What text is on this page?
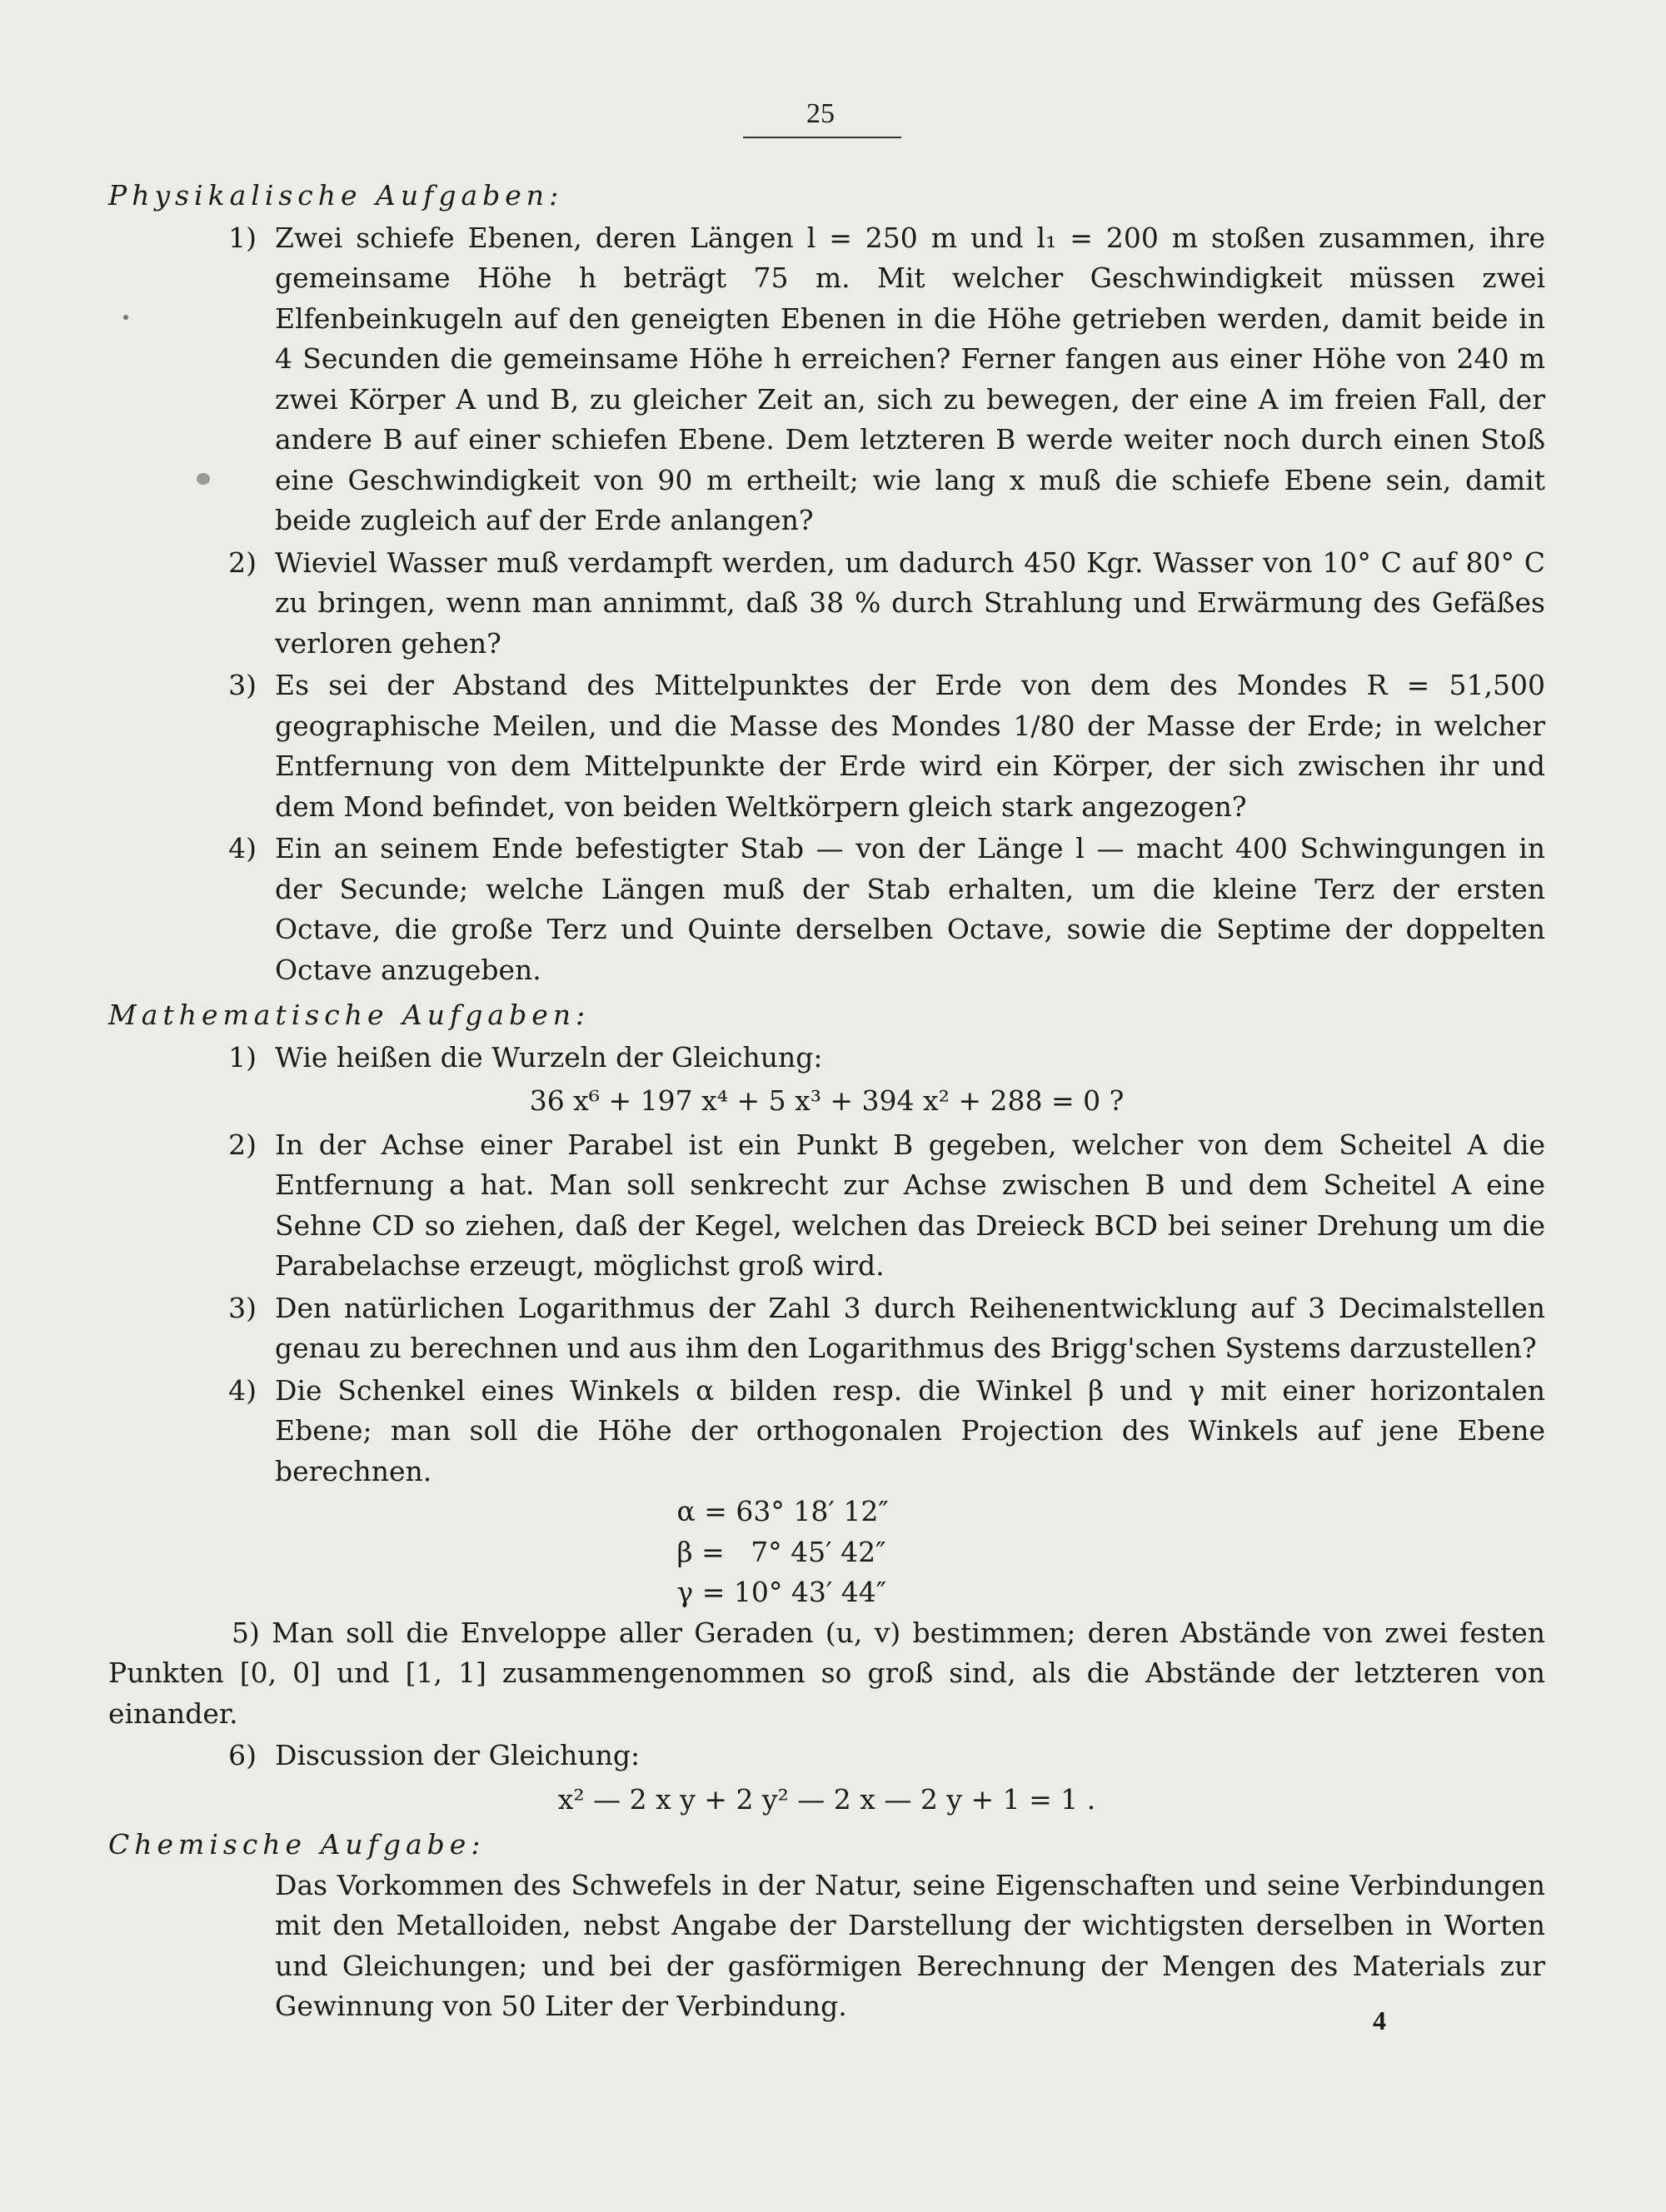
25
Physikalische Aufgaben:
1) Zwei schiefe Ebenen, deren Längen l = 250 m und l₁ = 200 m stoßen zusammen, ihre gemeinsame Höhe h beträgt 75 m. Mit welcher Geschwindigkeit müssen zwei Elfenbeinkugeln auf den geneigten Ebenen in die Höhe getrieben werden, damit beide in 4 Secunden die gemeinsame Höhe h erreichen? Ferner fangen aus einer Höhe von 240 m zwei Körper A und B, zu gleicher Zeit an, sich zu bewegen, der eine A im freien Fall, der andere B auf einer schiefen Ebene. Dem letzteren B werde weiter noch durch einen Stoß eine Geschwindigkeit von 90 m ertheilt; wie lang x muß die schiefe Ebene sein, damit beide zugleich auf der Erde anlangen?
2) Wieviel Wasser muß verdampft werden, um dadurch 450 Kgr. Wasser von 10° C auf 80° C zu bringen, wenn man annimmt, daß 38 % durch Strahlung und Erwärmung des Gefäßes verloren gehen?
3) Es sei der Abstand des Mittelpunktes der Erde von dem des Mondes R = 51,500 geographische Meilen, und die Masse des Mondes 1/80 der Masse der Erde; in welcher Entfernung von dem Mittelpunkte der Erde wird ein Körper, der sich zwischen ihr und dem Mond befindet, von beiden Weltkörpern gleich stark angezogen?
4) Ein an seinem Ende befestigter Stab — von der Länge l — macht 400 Schwingungen in der Secunde; welche Längen muß der Stab erhalten, um die kleine Terz der ersten Octave, die große Terz und Quinte derselben Octave, sowie die Septime der doppelten Octave anzugeben.
Mathematische Aufgaben:
1) Wie heißen die Wurzeln der Gleichung:
36 x⁶ + 197 x⁴ + 5 x³ + 394 x² + 288 = 0 ?
2) In der Achse einer Parabel ist ein Punkt B gegeben, welcher von dem Scheitel A die Entfernung a hat. Man soll senkrecht zur Achse zwischen B und dem Scheitel A eine Sehne CD so ziehen, daß der Kegel, welchen das Dreieck BCD bei seiner Drehung um die Parabelachse erzeugt, möglichst groß wird.
3) Den natürlichen Logarithmus der Zahl 3 durch Reihenentwicklung auf 3 Decimalstellen genau zu berechnen und aus ihm den Logarithmus des Brigg'schen Systems darzustellen?
4) Die Schenkel eines Winkels α bilden resp. die Winkel β und γ mit einer horizontalen Ebene; man soll die Höhe der orthogonalen Projection des Winkels auf jene Ebene berechnen.
α = 63° 18′ 12″
β =   7° 45′ 42″
γ = 10° 43′ 44″
5) Man soll die Enveloppe aller Geraden (u, v) bestimmen; deren Abstände von zwei festen Punkten [0, 0] und [1, 1] zusammengenommen so groß sind, als die Abstände der letzteren von einander.
6) Discussion der Gleichung:
x² — 2 x y + 2 y² — 2 x — 2 y + 1 = 1 .
Chemische Aufgabe:
Das Vorkommen des Schwefels in der Natur, seine Eigenschaften und seine Verbindungen mit den Metalloiden, nebst Angabe der Darstellung der wichtigsten derselben in Worten und Gleichungen; und bei der gasförmigen Berechnung der Mengen des Materials zur Gewinnung von 50 Liter der Verbindung.	4
